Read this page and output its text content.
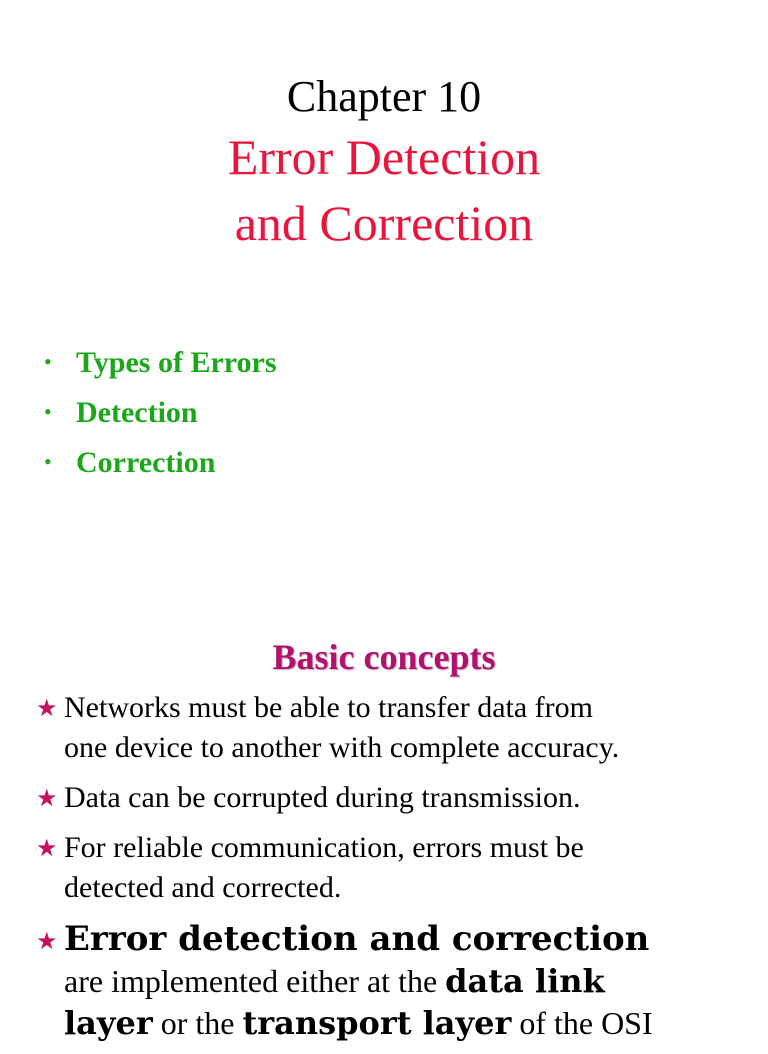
Chapter 10
Error Detection
and Correction
• Types of Errors
• Detection
• Correction
Basic concepts
★ Networks must be able to transfer data from
one device to another with complete accuracy.
★ Data can be corrupted during transmission.
★ For reliable communication, errors must be
detected and corrected.
★ Error detection and correction
are implemented either at the data link
layer or the transport layer of the OSI
